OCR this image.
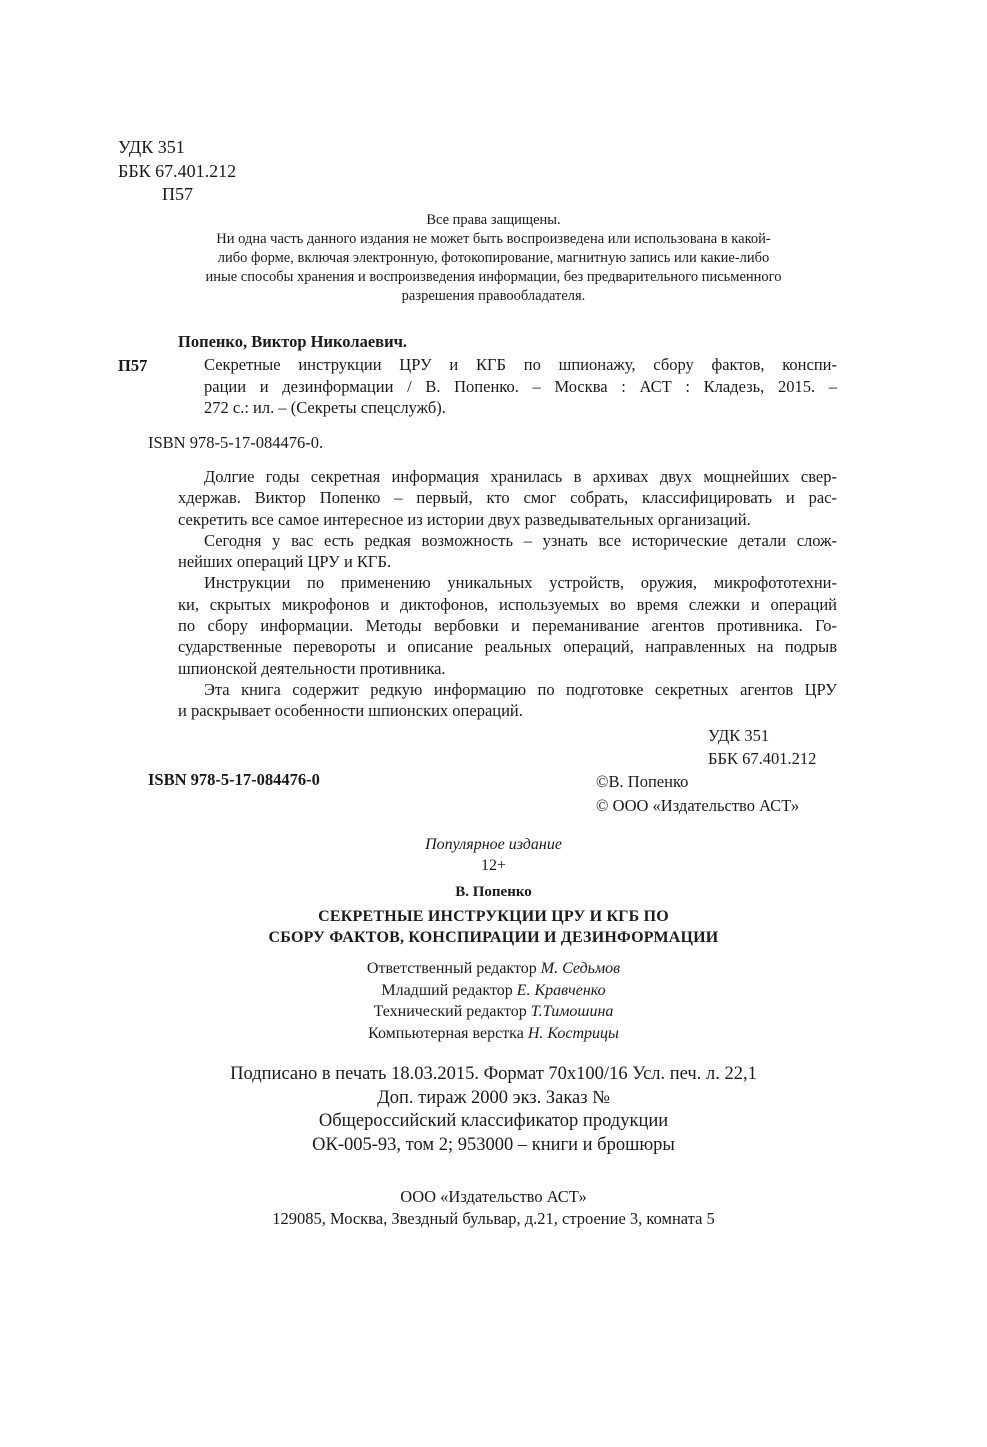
УДК 351
ББК 67.401.212
П57
Все права защищены.
Ни одна часть данного издания не может быть воспроизведена или использована в какой-
либо форме, включая электронную, фотокопирование, магнитную запись или какие-либо
иные способы хранения и воспроизведения информации, без предварительного письменного
разрешения правообладателя.
Попенко, Виктор Николаевич.
П57	Секретные инструкции ЦРУ и КГБ по шпионажу, сбору фактов, конспи-
рации и дезинформации / В. Попенко. – Москва : АСТ : Кладезь, 2015. –
272 с.: ил. – (Секреты спецслужб).
ISBN 978-5-17-084476-0.
Долгие годы секретная информация хранилась в архивах двух мощнейших свер-
хдержав. Виктор Попенко – первый, кто смог собрать, классифицировать и рас-
секретить все самое интересное из истории двух разведывательных организаций.
Сегодня у вас есть редкая возможность – узнать все исторические детали слож-
нейших операций ЦРУ и КГБ.
Инструкции по применению уникальных устройств, оружия, микрофототехни-
ки, скрытых микрофонов и диктофонов, используемых во время слежки и операций
по сбору информации. Методы вербовки и переманивание агентов противника. Го-
сударственные перевороты и описание реальных операций, направленных на подрыв
шпионской деятельности противника.
Эта книга содержит редкую информацию по подготовке секретных агентов ЦРУ
и раскрывает особенности шпионских операций.
УДК 351
ББК 67.401.212
ISBN 978-5-17-084476-0	©В. Попенко
© ООО «Издательство АСТ»
Популярное издание
12+
В. Попенко
СЕКРЕТНЫЕ ИНСТРУКЦИИ ЦРУ И КГБ ПО
СБОРУ ФАКТОВ, КОНСПИРАЦИИ И ДЕЗИНФОРМАЦИИ
Ответственный редактор М. Седьмов
Младший редактор Е. Кравченко
Технический редактор Т.Тимошина
Компьютерная верстка Н. Кострицы
Подписано в печать 18.03.2015. Формат 70x100/16 Усл. печ. л. 22,1
Доп. тираж 2000 экз. Заказ №
Общероссийский классификатор продукции
ОК-005-93, том 2; 953000 – книги и брошюры
ООО «Издательство АСТ»
129085, Москва, Звездный бульвар, д.21, строение 3, комната 5
